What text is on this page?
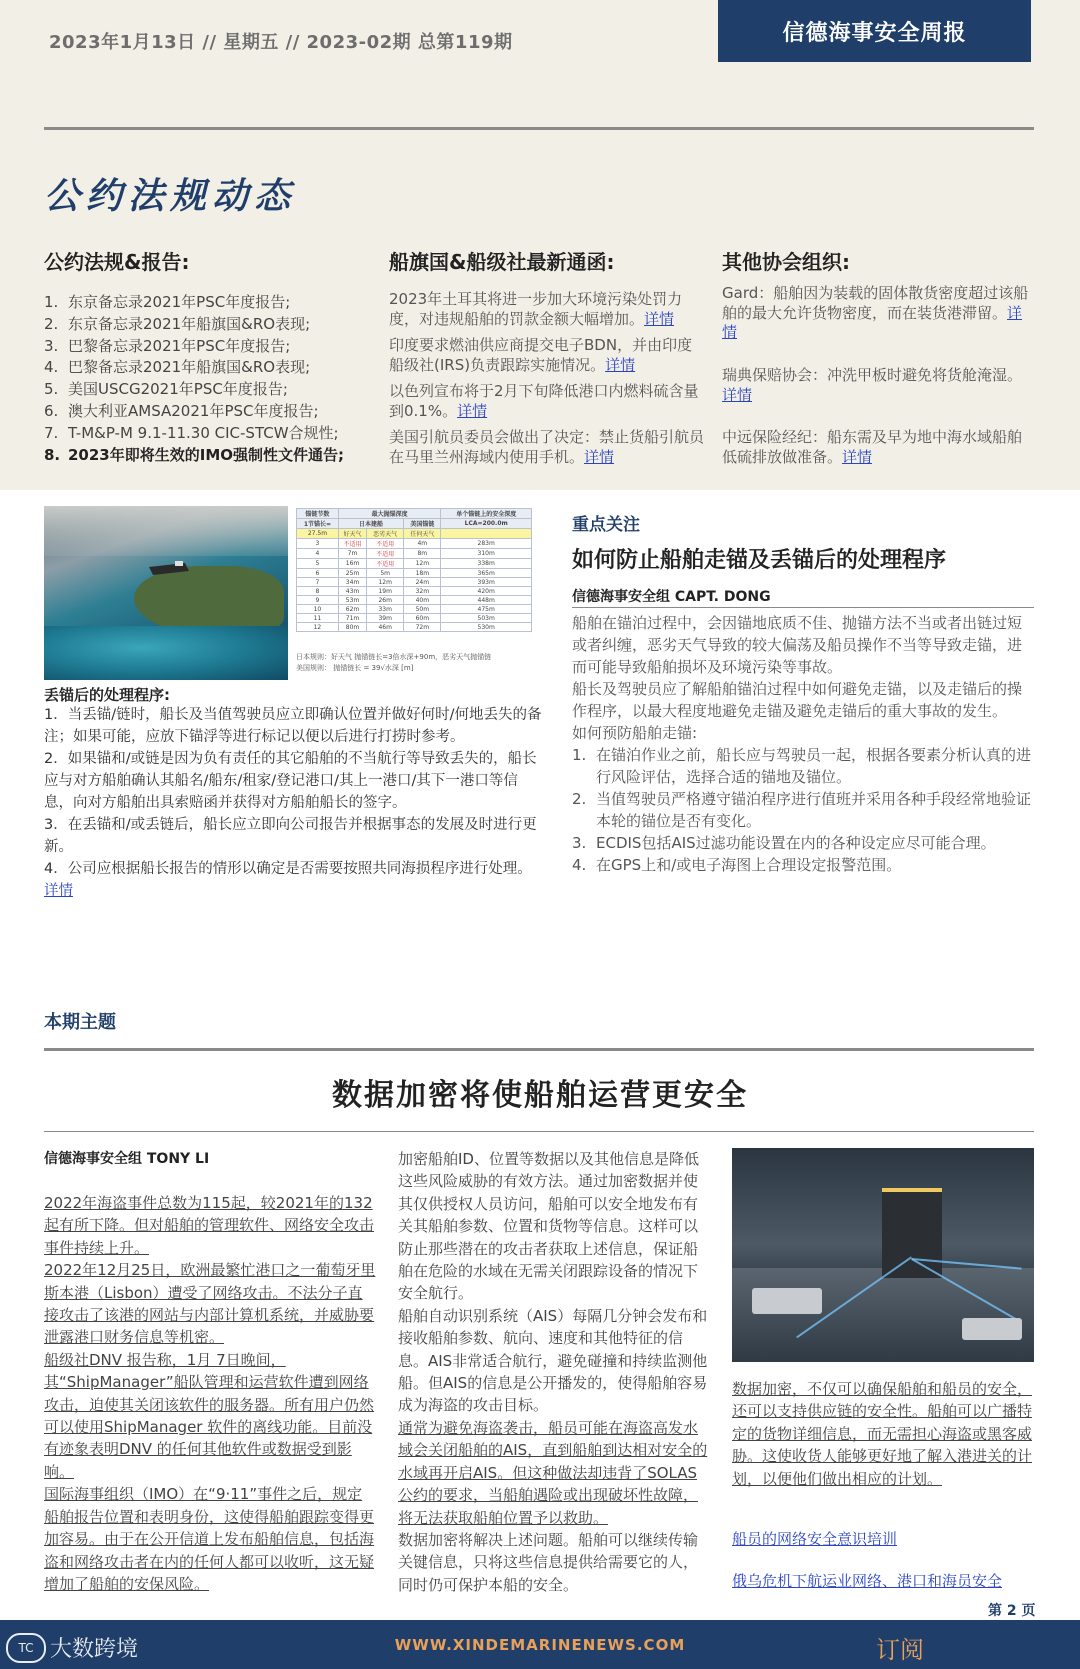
2023年1月13日 // 星期五 // 2023-02期 总第119期	信德海事安全周报
公约法规动态
公约法规&报告:
1. 东京备忘录2021年PSC年度报告;
2. 东京备忘录2021年船旗国&RO表现;
3. 巴黎备忘录2021年PSC年度报告;
4. 巴黎备忘录2021年船旗国&RO表现;
5. 美国USCG2021年PSC年度报告;
6. 澳大利亚AMSA2021年PSC年度报告;
7. T-M&P-M 9.1-11.30 CIC-STCW合规性;
8. 2023年即将生效的IMO强制性文件通告;
船旗国&船级社最新通函:
2023年土耳其将进一步加大环境污染处罚力度，对违规船舶的罚款金额大幅增加。详情
印度要求燃油供应商提交电子BDN，并由印度船级社(IRS)负责跟踪实施情况。详情
以色列宣布将于2月下旬降低港口内燃料硫含量到0.1%。详情
美国引航员委员会做出了决定：禁止货船引航员在马里兰州海域内使用手机。详情
其他协会组织:
Gard：船舶因为装载的固体散货密度超过该船舶的最大允许货物密度，而在装货港滞留。详情
瑞典保赔协会：冲洗甲板时避免将货舱淹湿。详情
中远保险经纪：船东需及早为地中海水域船舶低硫排放做准备。详情
锚链节数	最大抛锚深度			单个锚链上的安全深度
1节锚长=	日本建船		美国锚链	LCA=200.0m
27.5m	好天气	恶劣天气	任何天气	
3	不适用	不适用	4m	283m
4	7m	不适用	8m	310m
5	16m	不适用	12m	338m
6	25m	5m	18m	365m
7	34m	12m	24m	393m
8	43m	19m	32m	420m
9	53m	26m	40m	448m
10	62m	33m	50m	475m
11	71m	39m	60m	503m
12	80m	46m	72m	530m
日本规则：好天气 抛锚链长=3倍水深+90m，恶劣天气抛锚链
美国规则： 抛锚链长 = 39√水深 [m]
丢锚后的处理程序:

1．当丢锚/链时，船长及当值驾驶员应立即确认位置并做好何时/何地丢失的备注；如果可能，应放下锚浮等进行标记以便以后进行打捞时参考。

2．如果锚和/或链是因为负有责任的其它船舶的不当航行等导致丢失的，船长应与对方船舶确认其船名/船东/租家/登记港口/其上一港口/其下一港口等信息，向对方船舶出具索赔函并获得对方船舶船长的签字。

3．在丢锚和/或丢链后，船长应立即向公司报告并根据事态的发展及时进行更新。

4．公司应根据船长报告的情形以确定是否需要按照共同海损程序进行处理。

详情

重点关注
如何防止船舶走锚及丢锚后的处理程序
信德海事安全组 CAPT. DONG

船舶在锚泊过程中，会因锚地底质不佳、抛锚方法不当或者出链过短或者纠缠，恶劣天气导致的较大偏荡及船员操作不当等导致走锚，进而可能导致船舶损坏及环境污染等事故。

船长及驾驶员应了解船舶锚泊过程中如何避免走锚，以及走锚后的操作程序，以最大程度地避免走锚及避免走锚后的重大事故的发生。

如何预防船舶走锚:

1. 在锚泊作业之前，船长应与驾驶员一起，根据各要素分析认真的进行风险评估，选择合适的锚地及锚位。
2. 当值驾驶员严格遵守锚泊程序进行值班并采用各种手段经常地验证本轮的锚位是否有变化。
3. ECDIS包括AIS过滤功能设置在内的各种设定应尽可能合理。
4. 在GPS上和/或电子海图上合理设定报警范围。
本期主题
数据加密将使船舶运营更安全
信德海事安全组 TONY LI

2022年海盗事件总数为115起，较2021年的132起有所下降。但对船舶的管理软件、网络安全攻击事件持续上升。

2022年12月25日，欧洲最繁忙港口之一葡萄牙里斯本港（Lisbon）遭受了网络攻击。不法分子直接攻击了该港的网站与内部计算机系统，并威胁要泄露港口财务信息等机密。

船级社DNV 报告称，1月 7日晚间，其“ShipManager”船队管理和运营软件遭到网络攻击，迫使其关闭该软件的服务器。所有用户仍然可以使用ShipManager 软件的离线功能。目前没有迹象表明DNV 的任何其他软件或数据受到影响。

国际海事组织（IMO）在“9·11”事件之后，规定船舶报告位置和表明身份，这使得船舶跟踪变得更加容易。由于在公开信道上发布船舶信息，包括海盗和网络攻击者在内的任何人都可以收听，这无疑增加了船舶的安保风险。

加密船舶ID、位置等数据以及其他信息是降低这些风险威胁的有效方法。通过加密数据并使其仅供授权人员访问，船舶可以安全地发布有关其船舶参数、位置和货物等信息。这样可以防止那些潜在的攻击者获取上述信息，保证船舶在危险的水域在无需关闭跟踪设备的情况下安全航行。

船舶自动识别系统（AIS）每隔几分钟会发布和接收船舶参数、航向、速度和其他特征的信息。AIS非常适合航行，避免碰撞和持续监测他船。但AIS的信息是公开播发的，使得船舶容易成为海盗的攻击目标。

通常为避免海盗袭击，船员可能在海盗高发水域会关闭船舶的AIS，直到船舶到达相对安全的水域再开启AIS。但这种做法却违背了SOLAS公约的要求，当船舶遇险或出现破坏性故障，将无法获取船舶位置予以救助。

数据加密将解决上述问题。船舶可以继续传输关键信息，只将这些信息提供给需要它的人，同时仍可保护本船的安全。

数据加密，不仅可以确保船舶和船员的安全，还可以支持供应链的安全性。船舶可以广播特定的货物详细信息，而无需担心海盗或黑客威胁。这使收货人能够更好地了解入港进关的计划，以便他们做出相应的计划。
船员的网络安全意识培训
俄乌危机下航运业网络、港口和海员安全
第 2 页
WWW.XINDEMARINENEWS.COM	订阅
TC 大数跨境
